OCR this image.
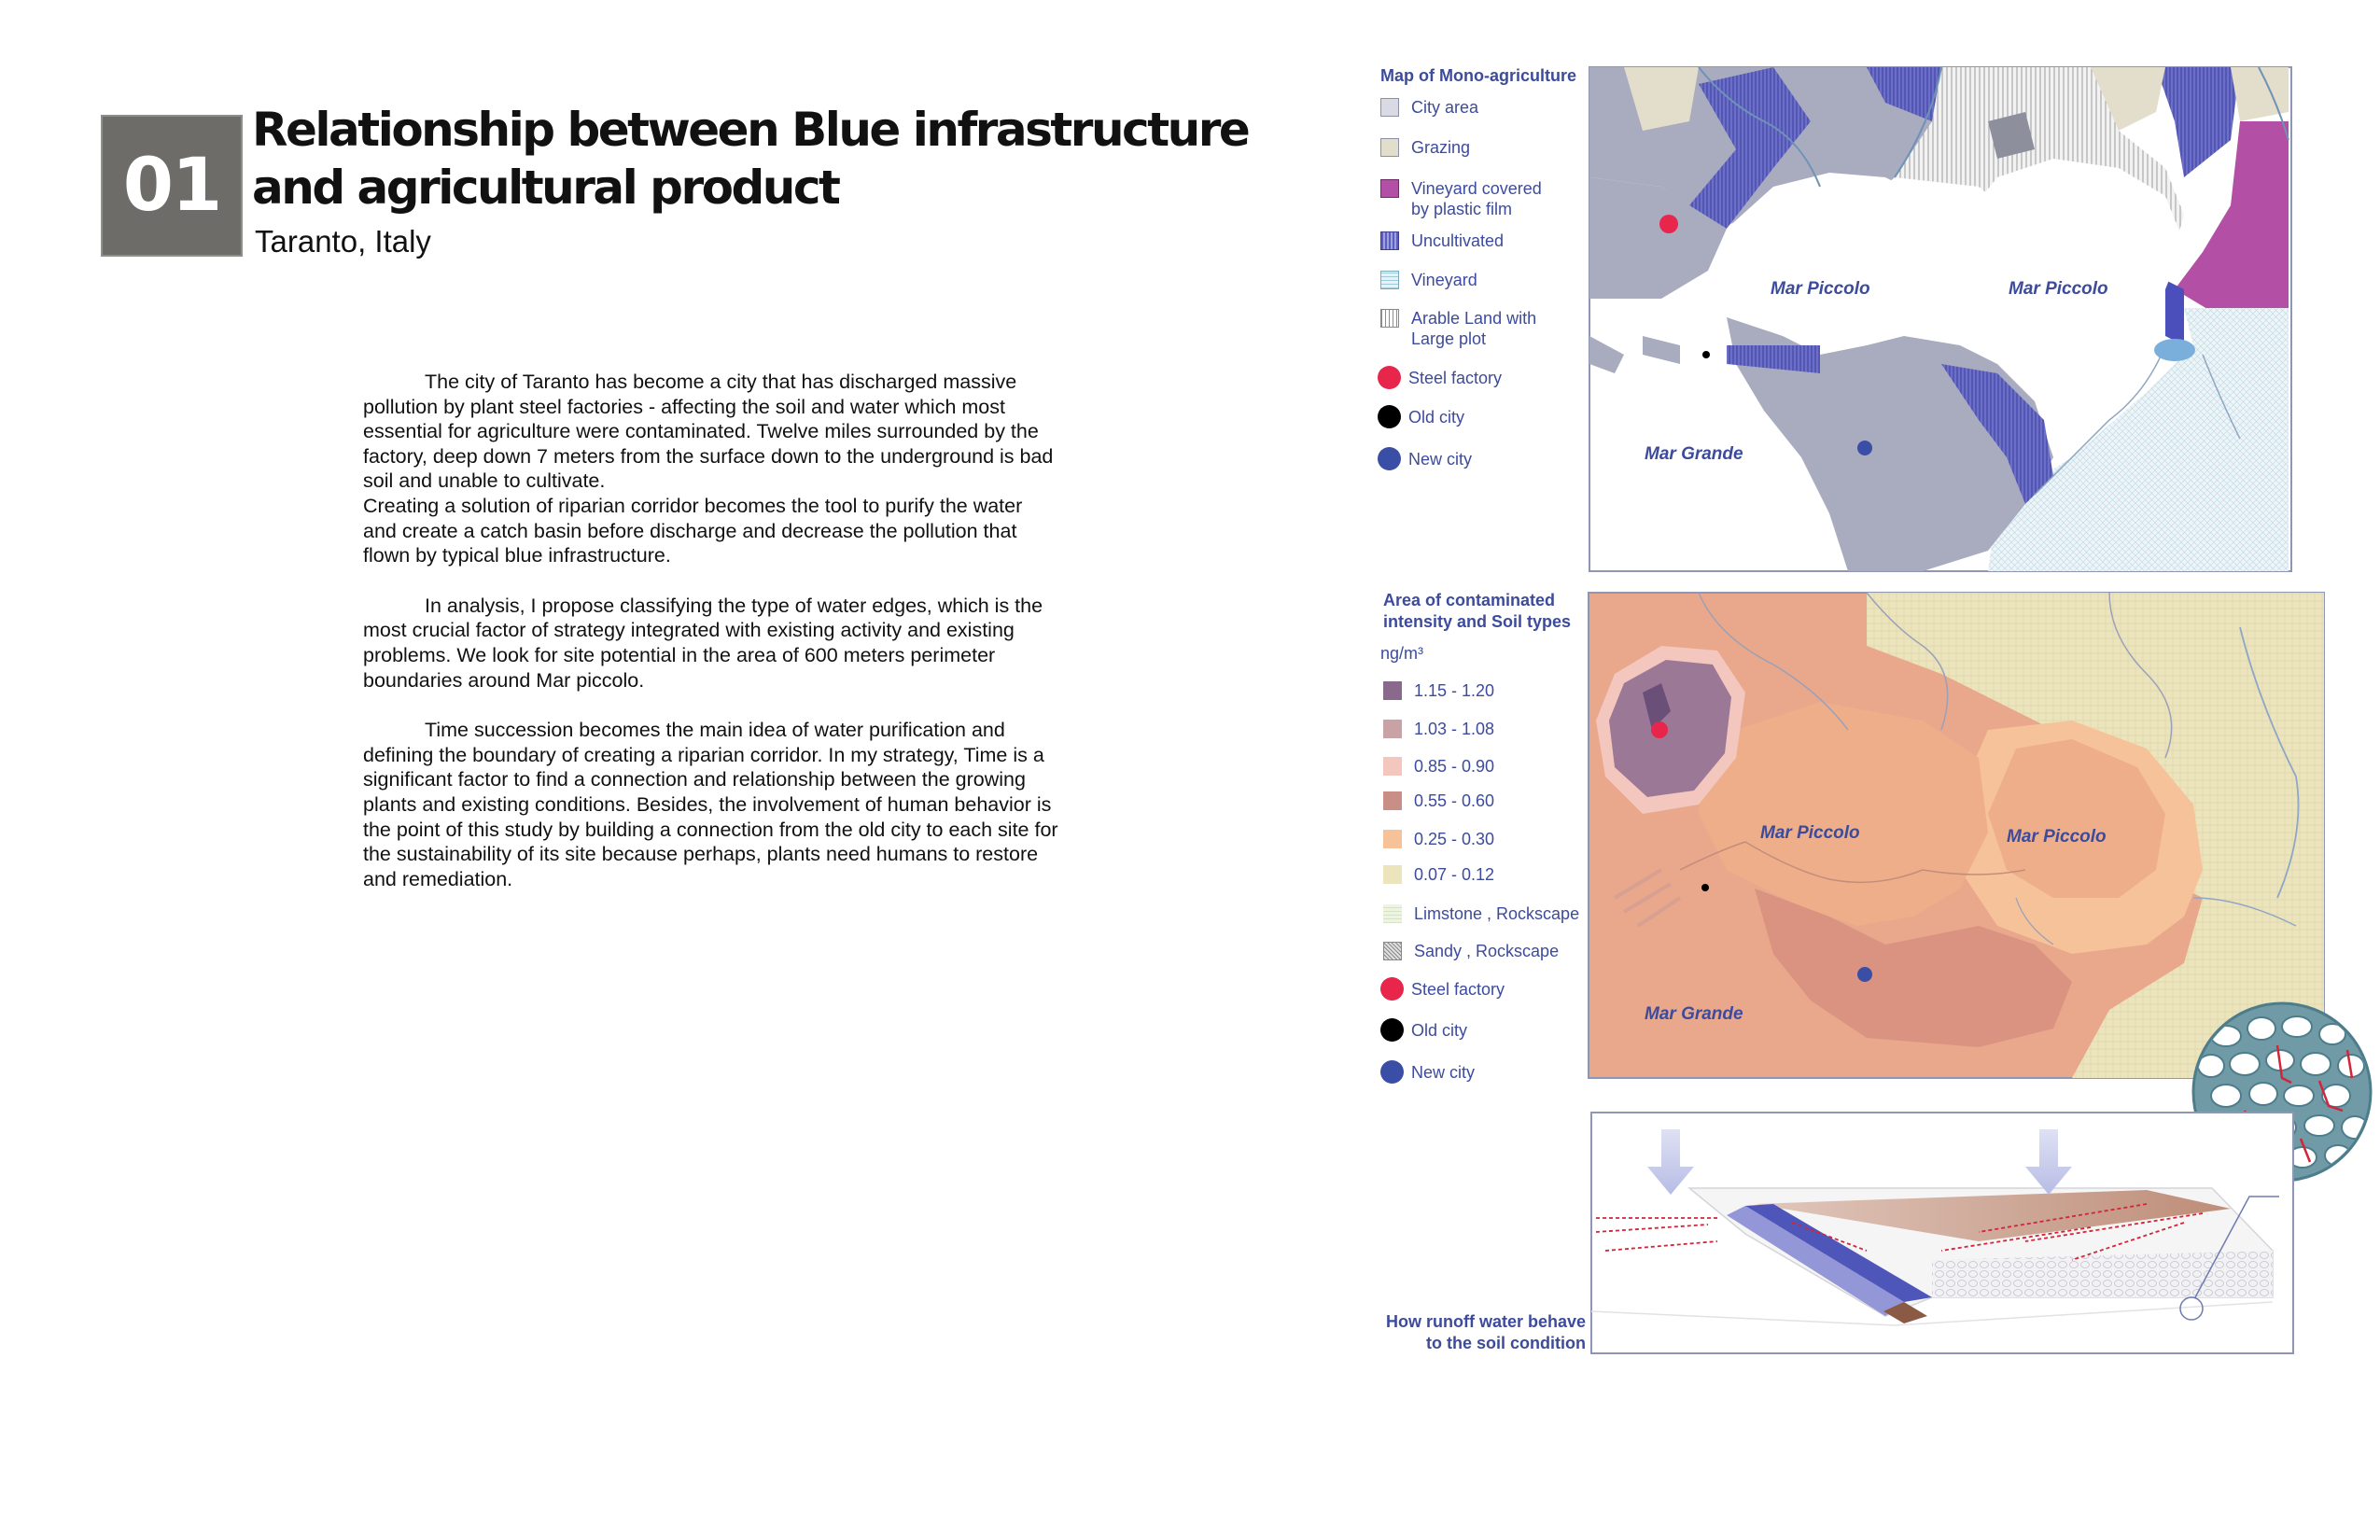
01
Relationship between Blue infrastructure
and agricultural product
Taranto, Italy

The city of Taranto has become a city that has discharged massive pollution by plant steel factories - affecting the soil and water which most essential for agriculture were contaminated. Twelve miles surrounded by the factory, deep down 7 meters from the surface down to the underground is bad soil and unable to cultivate.
Creating a solution of riparian corridor becomes the tool to purify the water and create a catch basin before discharge and decrease the pollution that flown by typical blue infrastructure.

In analysis, I propose classifying the type of water edges, which is the most crucial factor of strategy integrated with existing activity and existing problems. We look for site potential in the area of 600 meters perimeter boundaries around Mar piccolo.

Time succession becomes the main idea of water purification and defining the boundary of creating a riparian corridor. In my strategy, Time is a significant factor to find a connection and relationship between the growing plants and existing conditions. Besides, the involvement of human behavior is the point of this study by building a connection from the old city to each site for the sustainability of its site because perhaps, plants need humans to restore and remediation.

Map of Mono-agriculture
City area
Grazing
Vineyard covered by plastic film
Uncultivated
Vineyard
Arable Land with Large plot
Steel factory
Old city
New city
Mar Piccolo	Mar Piccolo
Mar Grande
Area of contaminated
intensity and Soil types
ng/m³
1.15 - 1.20
1.03 - 1.08
0.85 - 0.90
0.55 - 0.60
0.25 - 0.30
0.07 - 0.12
Limstone , Rockscape
Sandy , Rockscape
Steel factory
Old city
New city
Mar Piccolo	Mar Piccolo
Mar Grande
How runoff water behave
to the soil condition
